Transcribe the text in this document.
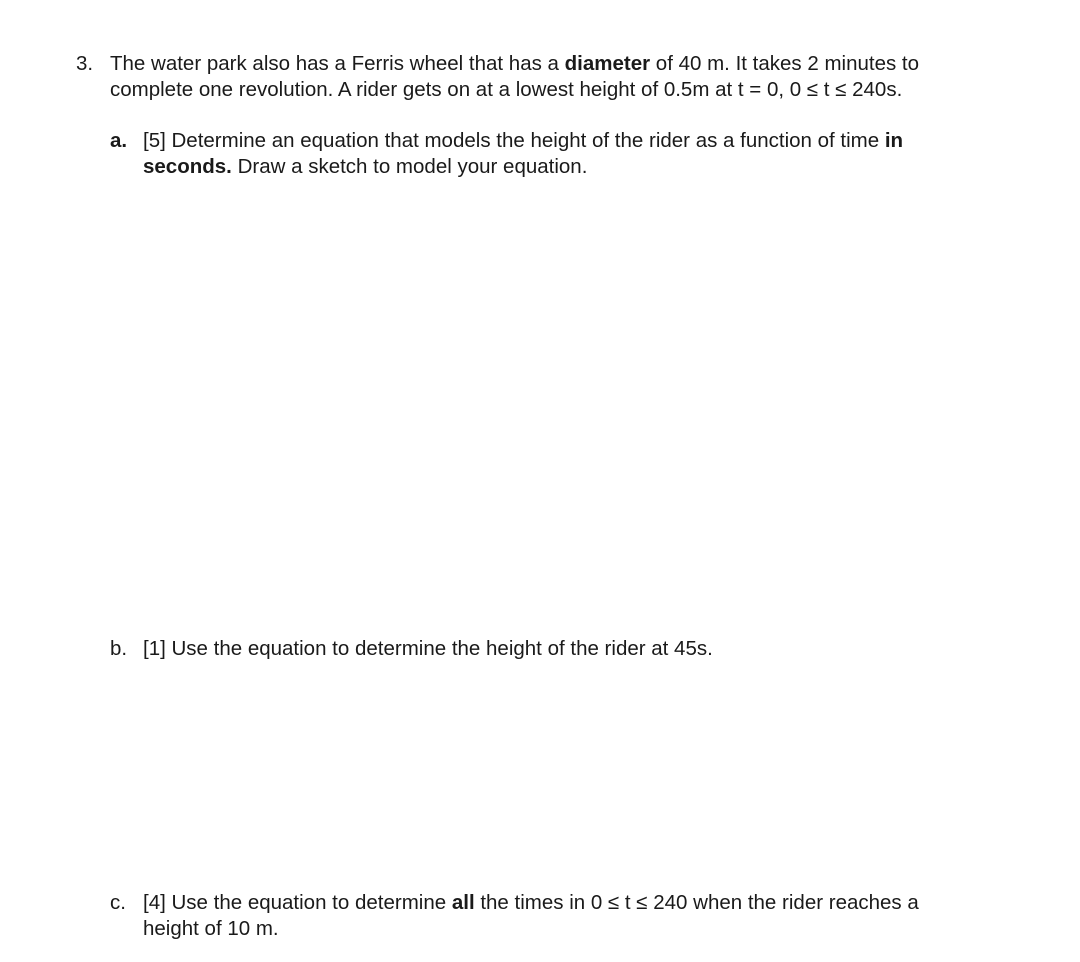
3. The water park also has a Ferris wheel that has a diameter of 40 m. It takes 2 minutes to
complete one revolution. A rider gets on at a lowest height of 0.5m at t = 0, 0 ≤ t ≤ 240s.
a. [5] Determine an equation that models the height of the rider as a function of time in
seconds. Draw a sketch to model your equation.
b. [1] Use the equation to determine the height of the rider at 45s.
c. [4] Use the equation to determine all the times in 0 ≤ t ≤ 240 when the rider reaches a
height of 10 m.
